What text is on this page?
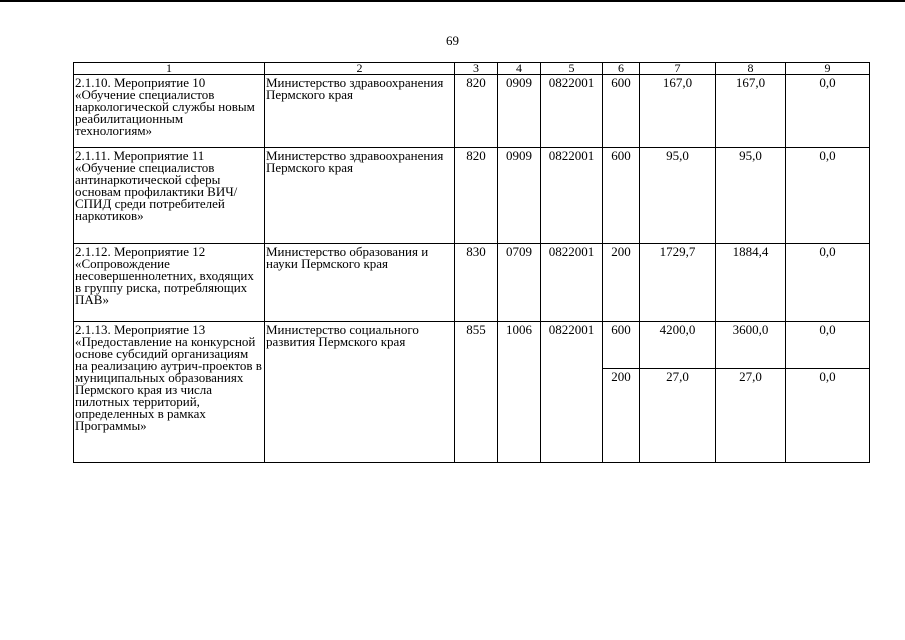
69
1	2	3	4	5	6	7	8	9
2.1.10. Мероприятие 10 «Обучение специалистов наркологической службы новым реабилитационным технологиям»	Министерство здравоохранения Пермского края	820	0909	0822001	600	167,0	167,0	0,0
2.1.11. Мероприятие 11 «Обучение специалистов антинаркотической сферы основам профилактики ВИЧ/СПИД среди потребителей наркотиков»	Министерство здравоохранения Пермского края	820	0909	0822001	600	95,0	95,0	0,0
2.1.12. Мероприятие 12 «Сопровождение несовершеннолетних, входящих в группу риска, потребляющих ПАВ»	Министерство образования и науки Пермского края	830	0709	0822001	200	1729,7	1884,4	0,0
2.1.13. Мероприятие 13 «Предоставление на конкурсной основе субсидий организациям на реализацию аутрич-проектов в муниципальных образованиях Пермского края из числа пилотных территорий, определенных в рамках Программы»	Министерство социального развития Пермского края	855	1006	0822001	600	4200,0	3600,0	0,0
					200	27,0	27,0	0,0
